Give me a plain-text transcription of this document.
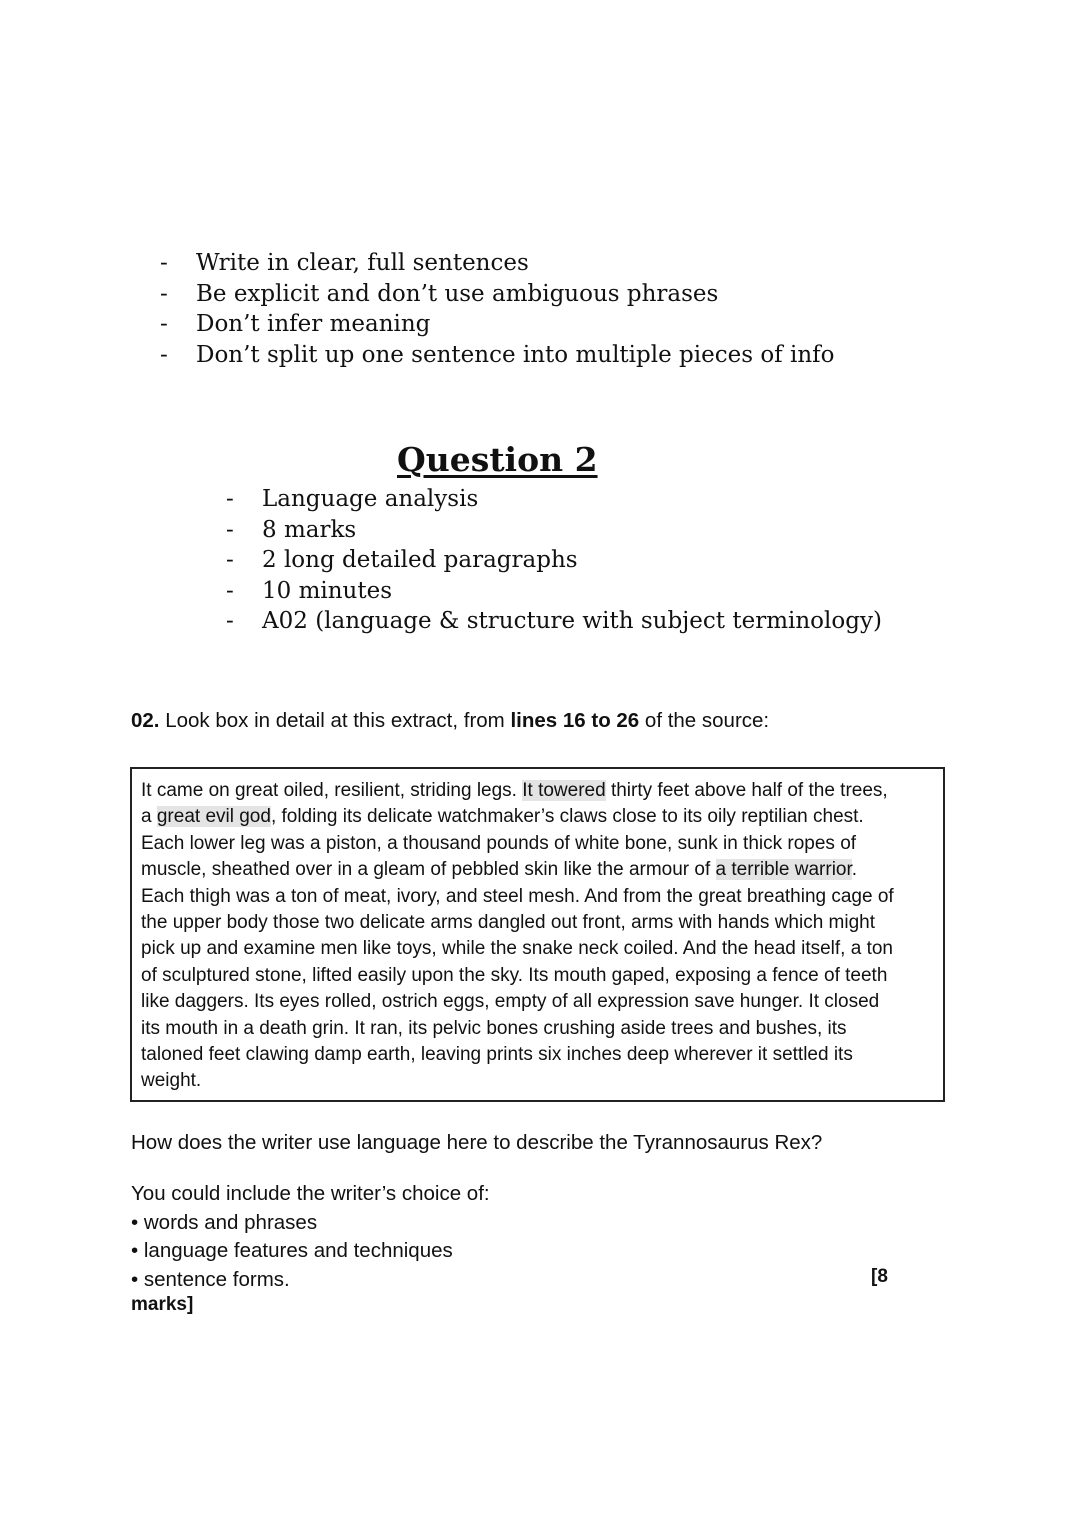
- Write in clear, full sentences
- Be explicit and don’t use ambiguous phrases
- Don’t infer meaning
- Don’t split up one sentence into multiple pieces of info
Question 2
- Language analysis
- 8 marks
- 2 long detailed paragraphs
- 10 minutes
- A02 (language & structure with subject terminology)

02. Look box in detail at this extract, from lines 16 to 26 of the source:

It came on great oiled, resilient, striding legs. It towered thirty feet above half of the trees,
a great evil god, folding its delicate watchmaker’s claws close to its oily reptilian chest.
Each lower leg was a piston, a thousand pounds of white bone, sunk in thick ropes of
muscle, sheathed over in a gleam of pebbled skin like the armour of a terrible warrior.
Each thigh was a ton of meat, ivory, and steel mesh. And from the great breathing cage of
the upper body those two delicate arms dangled out front, arms with hands which might
pick up and examine men like toys, while the snake neck coiled. And the head itself, a ton
of sculptured stone, lifted easily upon the sky. Its mouth gaped, exposing a fence of teeth
like daggers. Its eyes rolled, ostrich eggs, empty of all expression save hunger. It closed
its mouth in a death grin. It ran, its pelvic bones crushing aside trees and bushes, its
taloned feet clawing damp earth, leaving prints six inches deep wherever it settled its
weight.

How does the writer use language here to describe the Tyrannosaurus Rex?

You could include the writer’s choice of:
• words and phrases
• language features and techniques
• sentence forms.	[8

marks]
